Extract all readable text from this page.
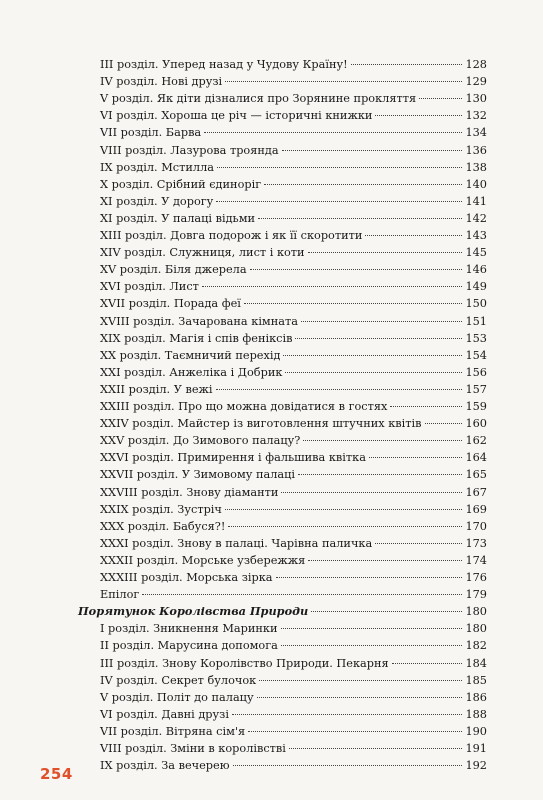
III розділ. Уперед назад у Чудову Країну!	128
IV розділ. Нові друзі	129
V розділ. Як діти дізналися про Зорянине прокляття	130
VI розділ. Хороша це річ — історичні книжки	132
VII розділ. Барва	134
VIII розділ. Лазурова троянда	136
IX розділ. Мстилла	138
X розділ. Срібний єдиноріг	140
XI розділ. У дорогу	141
XI розділ. У палаці відьми	142
XIII розділ. Довга подорож і як її скоротити	143
XIV розділ. Служниця, лист і коти	145
XV розділ. Біля джерела	146
XVI розділ. Лист	149
XVII розділ. Порада феї	150
XVIII розділ. Зачарована кімната	151
XIX розділ. Магія і спів феніксів	153
XX розділ. Таємничий перехід	154
XXI розділ. Анжеліка і Добрик	156
XXII розділ. У вежі	157
XXIII розділ. Про що можна довідатися в гостях	159
XXIV розділ. Майстер із виготовлення штучних квітів	160
XXV розділ. До Зимового палацу?	162
XXVI розділ. Примирення і фальшива квітка	164
XXVII розділ. У Зимовому палаці	165
XXVIII розділ. Знову діаманти	167
XXIX розділ. Зустріч	169
XXX розділ. Бабуся?!	170
XXXI розділ. Знову в палаці. Чарівна паличка	173
XXXII розділ. Морське узбережжя	174
XXXIII розділ. Морська зірка	176
Епілог	179
Порятунок Королівства Природи	180
I розділ. Зникнення Маринки	180
II розділ. Марусина допомога	182
III розділ. Знову Королівство Природи. Пекарня	184
IV розділ. Секрет булочок	185
V розділ. Політ до палацу	186
VI розділ. Давні друзі	188
VII розділ. Вітряна сім'я	190
VIII розділ. Зміни в королівстві	191
IX розділ. За вечерею	192
254
